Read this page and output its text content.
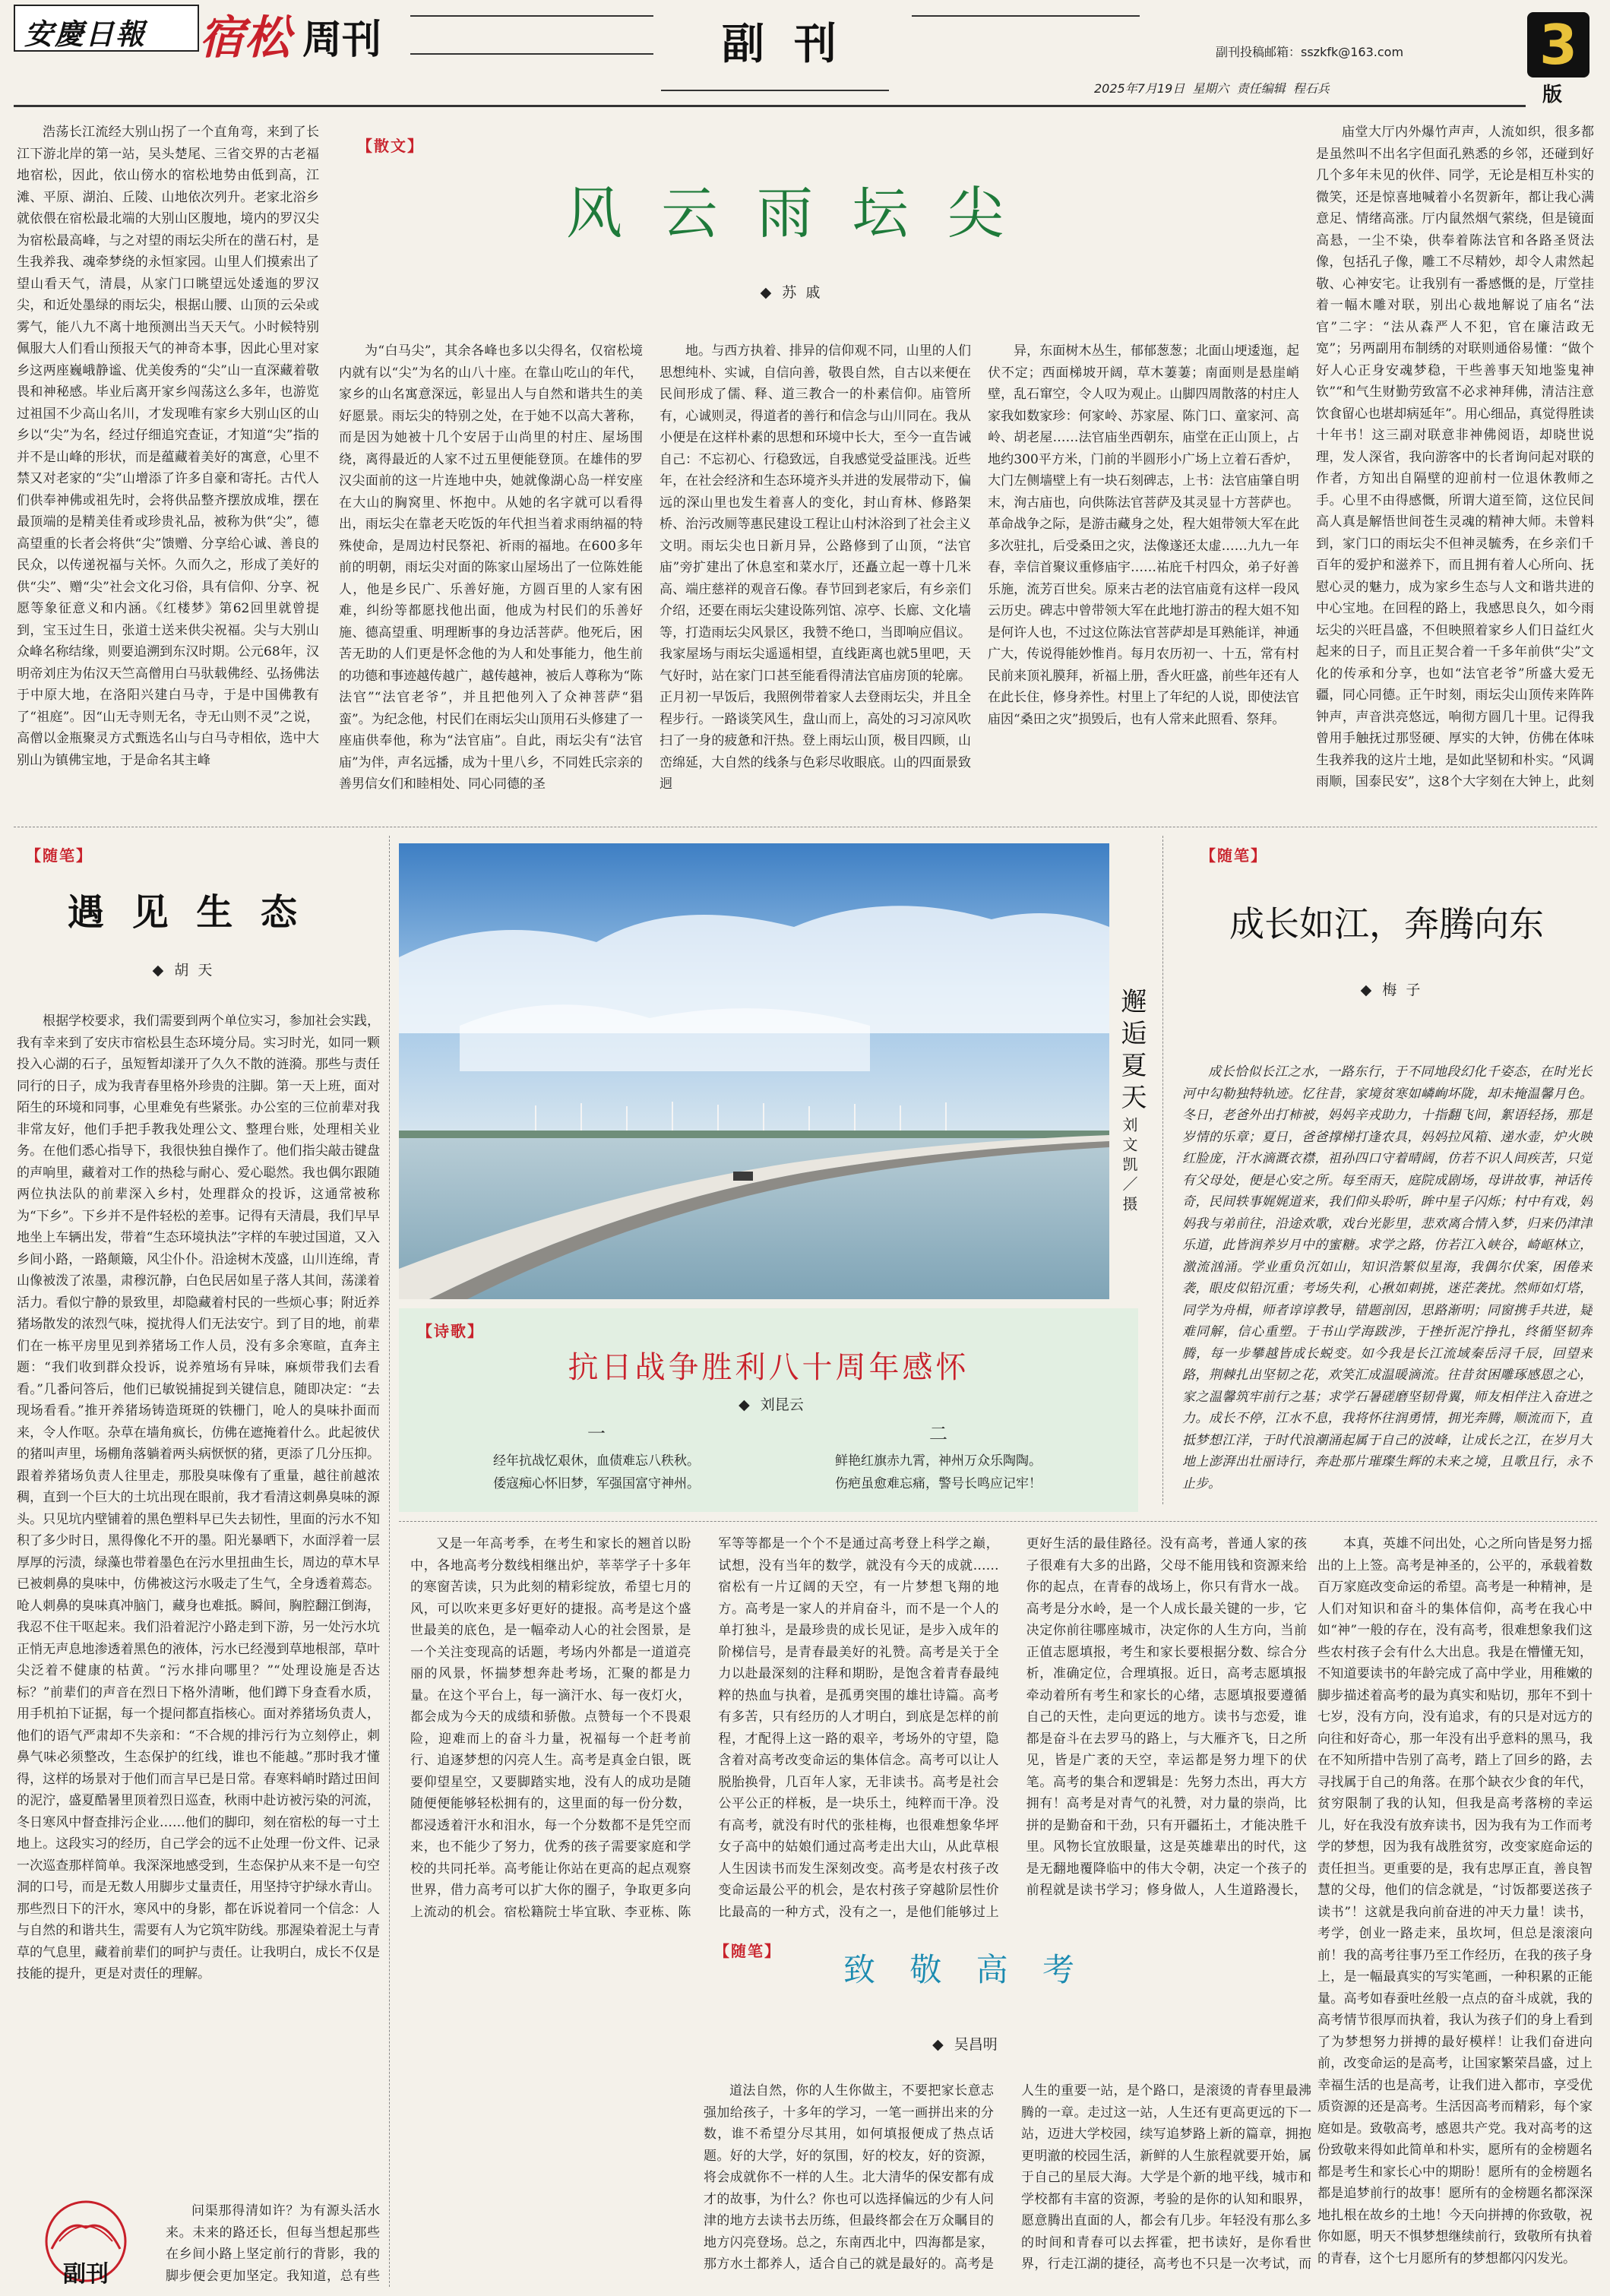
安慶日報 宿松 周刊	副  刊	副刊投稿邮箱：sszkfk@163.com
2025年7月19日  星期六  责任编辑  程石兵
3
版

浩荡长江流经大别山拐了一个直角弯，来到了长江下游北岸的第一站，吴头楚尾、三省交界的古老福地宿松，因此，依山傍水的宿松地势由低到高，江滩、平原、湖泊、丘陵、山地依次列升。老家北浴乡就依偎在宿松最北端的大别山区腹地，境内的罗汉尖为宿松最高峰，与之对望的雨坛尖所在的凿石村，是生我养我、魂牵梦绕的永恒家园。山里人们摸索出了望山看天气，清晨，从家门口眺望远处逶迤的罗汉尖，和近处墨绿的雨坛尖，根据山腰、山顶的云朵或雾气，能八九不离十地预测出当天天气。小时候特别佩服大人们看山预报天气的神奇本事，因此心里对家乡这两座巍峨静谧、优美俊秀的“尖”山一直深藏着敬畏和神秘感。毕业后离开家乡闯荡这么多年，也游览过祖国不少高山名川，才发现唯有家乡大别山区的山乡以“尖”为名，经过仔细追究查证，才知道“尖”指的并不是山峰的形状，而是蕴藏着美好的寓意，心里不禁又对老家的“尖”山增添了许多自豪和寄托。古代人们供奉神佛或祖先时，会将供品整齐摆放成堆，摆在最顶端的是精美佳肴或珍贵礼品，被称为供“尖”，德高望重的长者会将供“尖”馈赠、分享给心诚、善良的民众，以传递祝福与关怀。久而久之，形成了美好的供“尖”、赠“尖”社会文化习俗，具有信仰、分享、祝愿等象征意义和内涵。《红楼梦》第62回里就曾提到，宝玉过生日，张道士送来供尖祝福。尖与大别山众峰名称结缘，则要追溯到东汉时期。公元68年，汉明帝刘庄为佑汉天竺高僧用白马驮载佛经、弘扬佛法于中原大地，在洛阳兴建白马寺，于是中国佛教有了“祖庭”。因“山无寺则无名，寺无山则不灵”之说，高僧以金瓶聚灵方式甄选名山与白马寺相依，选中大别山为镇佛宝地，于是命名其主峰

【散文】
风 云 雨 坛 尖
◆ 苏  戚

为“白马尖”，其余各峰也多以尖得名，仅宿松境内就有以“尖”为名的山八十座。在靠山吃山的年代，家乡的山名寓意深远，彰显出人与自然和谐共生的美好愿景。雨坛尖的特别之处，在于她不以高大著称，而是因为她被十几个安居于山尚里的村庄、屋场围绕，离得最近的人家不过五里便能登顶。在雄伟的罗汉尖面前的这一片连地中央，她就像湖心岛一样安座在大山的胸窝里、怀抱中。从她的名字就可以看得出，雨坛尖在靠老天吃饭的年代担当着求雨纳福的特殊使命，是周边村民祭祀、祈雨的福地。在600多年前的明朝，雨坛尖对面的陈家山屋场出了一位陈姓能人，他是乡民广、乐善好施，方圆百里的人家有困难，纠纷等都愿找他出面，他成为村民们的乐善好施、德高望重、明理断事的身边活菩萨。他死后，困苦无助的人们更是怀念他的为人和处事能力，他生前的功德和事迹越传越广，越传越神，被后人尊称为“陈法官”“法官老爷”，并且把他列入了众神菩萨“猖蛮”。为纪念他，村民们在雨坛尖山顶用石头修建了一座庙供奉他，称为“法官庙”。自此，雨坛尖有“法官庙”为伴，声名远播，成为十里八乡，不同姓氏宗亲的善男信女们和睦相处、同心同德的圣

地。与西方执着、排异的信仰观不同，山里的人们思想纯朴、实诚，自信向善，敬畏自然，自古以来便在民间形成了儒、释、道三教合一的朴素信仰。庙管所有，心诚则灵，得道者的善行和信念与山川同在。我从小便是在这样朴素的思想和环境中长大，至今一直告诫自己：不忘初心、行稳致远，自我感觉受益匪浅。近些年，在社会经济和生态环境齐头并进的发展带动下，偏远的深山里也发生着喜人的变化，封山育林、修路架桥、治污改厕等惠民建设工程让山村沐浴到了社会主义文明。雨坛尖也日新月异，公路修到了山顶，“法官庙”旁扩建出了休息室和菜水厅，还矗立起一尊十几米高、端庄慈祥的观音石像。春节回到老家后，有乡亲们介绍，还要在雨坛尖建设陈列馆、凉亭、长廊、文化墙等，打造雨坛尖风景区，我赞不绝口，当即响应倡议。我家屋场与雨坛尖遥遥相望，直线距离也就5里吧，天气好时，站在家门口甚至能看得清法官庙房顶的轮廓。正月初一早饭后，我照例带着家人去登雨坛尖，并且全程步行。一路谈笑风生，盘山而上，高处的习习凉风吹扫了一身的疲惫和汗热。登上雨坛山顶，极目四顾，山峦绵延，大自然的线条与色彩尽收眼底。山的四面景致迥

异，东面树木丛生，郁郁葱葱；北面山埂逶迤，起伏不定；西面梯坡开阔，草木萋萋；南面则是悬崖峭壁，乱石窜空，令人叹为观止。山脚四周散落的村庄人家我如数家珍：何家岭、苏家屋、陈门口、童家河、高岭、胡老屋……法官庙坐西朝东，庙堂在正山顶上，占地约300平方米，门前的半圆形小广场上立着石香炉，大门左侧墙壁上有一块石刻碑志，上书：法官庙肇自明末，洵古庙也，向供陈法官菩萨及其灵显十方菩萨也。革命战争之际，是游击藏身之处，程大姐带领大军在此多次驻扎，后受桑田之灾，法像遂还太虚……九九一年春，幸信首聚议重修庙宇……祐庇千村四众，弟子好善乐施，流芳百世矣。原来古老的法官庙竟有这样一段风云历史。碑志中曾带领大军在此地打游击的程大姐不知是何许人也，不过这位陈法官菩萨却是耳熟能详，神通广大，传说得能妙惟肖。每月农历初一、十五，常有村民前来顶礼膜拜，祈福上册，香火旺盛，前些年还有人在此长住，修身养性。村里上了年纪的人说，即使法官庙因“桑田之灾”损毁后，也有人常来此照看、祭拜。

庙堂大厅内外爆竹声声，人流如织，很多都是虽然叫不出名字但面孔熟悉的乡邻，还碰到好几个多年未见的伙伴、同学，无论是相互朴实的微笑，还是惊喜地喊着小名贺新年，都让我心满意足、情绪高涨。厅内鼠然烟气萦绕，但是镜面高悬，一尘不染，供奉着陈法官和各路圣贤法像，包括孔子像，雕工不尽精妙，却令人肃然起敬、心神安宅。让我别有一番感慨的是，厅堂挂着一幅木雕对联，别出心裁地解说了庙名“法官”二字：“法从森严人不犯，官在廉洁政无宽”；另两副用布制绣的对联则通俗易懂：“做个好人心正身安魂梦稳，干些善事天知地鉴鬼神钦”“和气生财勤劳致富不必求神拜佛，清洁注意饮食留心也堪却病延年”。用心细品，真觉得胜读十年书！这三副对联意非神佛阅语，却晓世说理，发人深省，我向游客中的长者询问起对联的作者，方知出自隔壁的迎前村一位退休教师之手。心里不由得感慨，所谓大道至简，这位民间高人真是解悟世间苍生灵魂的精神大师。未曾料到，家门口的雨坛尖不但神灵毓秀，在乡亲们千百年的爱护和滋养下，而且拥有着人心所向、抚慰心灵的魅力，成为家乡生态与人文和谐共进的中心宝地。在回程的路上，我感思良久，如今雨坛尖的兴旺昌盛，不但映照着家乡人们日益红火起来的日子，而且正契合着一千多年前供“尖”文化的传承和分享，也如“法官老爷”所盛大爱无疆，同心同德。正午时刻，雨坛尖山顶传来阵阵钟声，声音洪亮悠远，响彻方圆几十里。记得我曾用手触抚过那竖硬、厚实的大钟，仿佛在体味生我养我的这片土地，是如此坚韧和朴实。“风调雨顺，国泰民安”，这8个大字刻在大钟上，此刻

【随笔】
遇 见 生 态
◆ 胡  天

根据学校要求，我们需要到两个单位实习，参加社会实践，我有幸来到了安庆市宿松县生态环境分局。实习时光，如同一颗投入心湖的石子，虽短暂却漾开了久久不散的涟漪。那些与责任同行的日子，成为我青春里格外珍贵的注脚。第一天上班，面对陌生的环境和同事，心里难免有些紧张。办公室的三位前辈对我非常友好，他们手把手教我处理公文、整理台账，处理相关业务。在他们悉心指导下，我很快独自操作了。他们指尖敲击键盘的声响里，藏着对工作的热稔与耐心、爱心聪然。我也偶尔跟随两位执法队的前辈深入乡村，处理群众的投诉，这通常被称为“下乡”。下乡并不是件轻松的差事。记得有天清晨，我们早早地坐上车辆出发，带着“生态环境执法”字样的车驶过国道，又入乡间小路，一路颠簸，风尘仆仆。沿途树木茂盛，山川连绵，青山像被泼了浓墨，肃穆沉静，白色民居如星子落人其间，荡漾着活力。看似宁静的景致里，却隐藏着村民的一些烦心事；附近养猪场散发的浓烈气味，搅扰得人们无法安宁。到了目的地，前辈们在一栋平房里见到养猪场工作人员，没有多余寒暄，直奔主题：“我们收到群众投诉，说养殖场有异味，麻烦带我们去看看。”几番问答后，他们已敏锐捕捉到关键信息，随即决定：“去现场看看。”推开养猪场铸造斑斑的铁栅门，呛人的臭味扑面而来，令人作呕。杂草在墙角疯长，仿佛在遮掩着什么。此起彼伏的猪叫声里，场棚角落躺着两头病恹恹的猪，更添了几分压抑。跟着养猪场负责人往里走，那股臭味像有了重量，越往前越浓稠，直到一个巨大的土坑出现在眼前，我才看清这刺鼻臭味的源头。只见坑内壁铺着的黑色塑料早已失去韧性，里面的污水不知积了多少时日，黑得像化不开的墨。阳光暴晒下，水面浮着一层厚厚的污渍，绿藻也带着墨色在污水里扭曲生长，周边的草木早已被刺鼻的臭味中，仿佛被这污水吸走了生气，全身透着蔫态。呛人刺鼻的臭味真冲脑门，藏身也难抵。瞬间，胸腔翻江倒海，我忍不住干呕起来。我们沿着泥泞小路走到下游，另一处污水坑正悄无声息地渗透着黑色的液体，污水已经漫到草地根部，草叶尖泛着不健康的枯黄。“污水排向哪里？”“处理设施是否达标？”前辈们的声音在烈日下格外清晰，他们蹲下身查看水质，用手机拍下证据，每一个提问都直指核心。面对养猪场负责人，他们的语气严肃却不失亲和：“不合规的排污行为立刻停止，刺鼻气味必须整改，生态保护的红线，谁也不能越。”那时我才懂得，这样的场景对于他们而言早已是日常。春寒料峭时踏过田间的泥泞，盛夏酷暑里顶着烈日巡查，秋雨中赴访被污染的河流，冬日寒风中督查排污企业……他们的脚印，刻在宿松的每一寸土地上。这段实习的经历，自己学会的远不止处理一份文件、记录一次巡查那样简单。我深深地感受到，生态保护从来不是一句空洞的口号，而是无数人用脚步丈量责任，用坚持守护绿水青山。那些烈日下的汗水，寒风中的身影，都在诉说着同一个信念：人与自然的和谐共生，需要有人为它筑牢防线。那渥染着泥土与青草的气息里，藏着前辈们的呵护与责任。让我明白，成长不仅是技能的提升，更是对责任的理解。

问渠那得清如许？为有源头活水来。未来的路还长，但每当想起那些在乡间小路上坚定前行的背影，我的脚步便会更加坚定。我知道，总有些

副刊
邂逅夏天
刘文凯／摄
【诗歌】
抗日战争胜利八十周年感怀
◆ 刘昆云
一
经年抗战忆艰休，血债难忘八秩秋。
倭寇痴心怀旧梦，军强国富守神州。
二
鲜艳红旗赤九霄，神州万众乐陶陶。
伤疤虽愈难忘痛，警号长鸣应记牢！
【随笔】
成长如江，奔腾向东
◆ 梅  子

成长恰似长江之水，一路东行，于不同地段幻化千姿态，在时光长河中勾勒独特轨迹。忆往昔，家境贫寒如嶙峋坏陇，却未掩温馨月色。冬日，老爸外出打柿被，妈妈辛戎助力，十指翻飞间，絮语轻扬，那是岁情的乐章；夏日，爸爸撑梯打逢农具，妈妈拉风箱、递水壶，炉火映红脸庞，汗水滴溉衣襟，祖孙四口守着晴阔，仿若不识人间疾苦，只觉有父母处，便是心安之所。每至雨天，庭院成剧场，母讲故事，神话传奇，民间轶事娓娓道来，我们仰头聆听，眸中星子闪烁；村中有戏，妈妈我与弟前往，沿途欢歌，戏台光影里，悲欢离合情入梦，归来仍津津乐道，此皆润养岁月中的蜜糖。求学之路，仿若江入峡谷，崎岖林立，激流汹涌。学业重负沉如山，知识浩繁似星海，我偶尔伏案，困倦来袭，眼皮似铅沉重；考场失利，心揪如刺挑，迷茫袭扰。然师如灯塔，同学为舟楫，师者谆谆教导，错题剖因，思路渐明；同窗携手共进，疑难同解，信心重塑。于书山学海跋涉，于挫折泥泞挣扎，终循坚韧奔腾，每一步攀越皆成长蜕变。如今我是长江流域秦岳浔千辰，回望来路，荆棘扎出坚韧之花，欢笑汇成温暖滴流。往昔贫困雕琢感恩之心，家之温馨筑牢前行之基；求学石暑磋磨坚韧骨翼，师友相伴注入奋进之力。成长不停，江水不息，我将怀往润勇情，拥光奔腾，顺流而下，直抵梦想江洋，于时代浪潮涌起属于自己的波峰，让成长之江，在岁月大地上澎湃出壮丽诗行，奔赴那片璀璨生辉的未来之境，且歌且行，永不止步。

又是一年高考季，在考生和家长的翘首以盼中，各地高考分数线相继出炉，莘莘学子十多年的寒窗苦读，只为此刻的精彩绽放，希望七月的风，可以吹来更多好更好的捷报。高考是这个盛世最美的底色，是一幅牵动人心的社会图景，是一个关注变现高的话题，考场内外都是一道道亮丽的风景，怀揣梦想奔赴考场，汇聚的都是力量。在这个平台上，每一滴汗水、每一夜灯火，都会成为今天的成绩和骄傲。点赞每一个不畏艰险，迎难而上的奋斗力量，祝福每一个赶考前行、追逐梦想的闪亮人生。高考是真金白银，既要仰望星空，又要脚踏实地，没有人的成功是随随便便能够轻松拥有的，这里面的每一份分数，都浸透着汗水和泪水，每一个分数都不是凭空而来，也不能少了努力，优秀的孩子需要家庭和学校的共同托举。高考能让你站在更高的起点观察世界，借力高考可以扩大你的圈子，争取更多向上流动的机会。宿松籍院士毕宜耿、李亚栋、陈军等等都是一个个不是通过高考登上科学之巅，试想，没有当年的数学，就没有今天的成就……宿松有一片辽阔的天空，有一片梦想飞翔的地方。高考是一家人的并肩奋斗，而不是一个人的单打独斗，是最珍贵的成长见证，是步入成年的阶梯信号，是青春最美好的礼赞。高考是关于全力以赴最深刻的注释和期盼，是饱含着青春最纯粹的热血与执着，是孤勇突围的雄壮诗篇。高考有多苦，只有经历的人才明白，到底是怎样的前程，才配得上这一路的艰辛，考场外的守望，隐含着对高考改变命运的集体信念。高考可以让人脱胎换骨，几百年人家，无非读书。高考是社会公平公正的样板，是一块乐土，纯粹而干净。没有高考，就没有时代的张桂梅，也很难想象华坪女子高中的姑娘们通过高考走出大山，从此草根人生因读书而发生深刻改变。高考是农村孩子改变命运最公平的机会，是农村孩子穿越阶层性价比最高的一种方式，没有之一，是他们能够过上更好生活的最佳路径。没有高考，普通人家的孩子很难有大多的出路，父母不能用钱和资源来给你的起点，在青春的战场上，你只有背水一战。高考是分水岭，是一个人成长最关键的一步，它决定你前往哪座城市，决定你的人生方向，当前正值志愿填报，考生和家长要根据分数、综合分析，准确定位，合理填报。近日，高考志愿填报牵动着所有考生和家长的心绪，志愿填报要遵循自己的天性，走向更远的地方。读书与恋爱，谁都是奋斗在去罗马的路上，与大雁齐飞，日之所见，皆是广袤的天空，幸运都是努力埋下的伏笔。高考的集合和逻辑是：先努力杰出，再大方拥有！高考是对青气的礼赞，对力量的崇尚，比拼的是勤奋和干劲，只有开疆拓土，才能决胜千里。风物长宜放眼量，这是英雄辈出的时代，这是无翻地覆降临中的伟大令朝，决定一个孩子的前程就是读书学习；修身做人，人生道路漫长，

【随笔】	致 敬 高 考
◆ 吴昌明

道法自然，你的人生你做主，不要把家长意志强加给孩子，十多年的学习，一笔一画拼出来的分数，谁不希望分尽其用，如何填报便成了热点话题。好的大学，好的氛围，好的校友，好的资源，将会成就你不一样的人生。北大清华的保安都有成才的故事，为什么？你也可以选择偏远的少有人问津的地方去读书去历练，但最终都会在万众瞩目的地方闪亮登场。总之，东南西北中，四海都是家，那方水土都养人，适合自己的就是最好的。高考是人生的重要一站，是个路口，是滚烫的青春里最沸腾的一章。走过这一站，人生还有更高更远的下一站，迈进大学校园，续写追梦路上新的篇章，拥抱更明澈的校园生活，新鲜的人生旅程就要开始，属于自己的星辰大海。大学是个新的地平线，城市和学校都有丰富的资源，考验的是你的认知和眼界，愿意腾出直面的人，都会有几步。年轻没有那么多的时间和青春可以去挥霍，把书读好，是你看世界，行走江湖的捷径，高考也不只是一次考试，而

本真，英雄不问出处，心之所向皆是努力摇出的上上签。高考是神圣的，公平的，承载着数百万家庭改变命运的希望。高考是一种精神，是人们对知识和奋斗的集体信仰，高考在我心中如“神”一般的存在，没有高考，很难想象我们这些农村孩子会有什么大出息。我是在懵懂无知，不知道要读书的年龄完成了高中学业，用稚嫩的脚步描述着高考的最为真实和贴切，那年不到十七岁，没有方向，没有追求，有的只是对远方的向往和好奇心，那一年没有出乎意料的黑马，我在不知所措中告别了高考，踏上了回乡的路，去寻找属于自己的角落。在那个缺衣少食的年代，贫穷限制了我的认知，但我是高考落榜的幸运儿，好在我没有放弃读书，因为我有为工作而考学的梦想，因为我有战胜贫穷，改变家庭命运的责任担当。更重要的是，我有忠厚正直，善良智慧的父母，他们的信念就是，“讨饭都要送孩子读书”！这就是我向前奋进的冲天力量！读书，考学，创业一路走来，虽坎坷，但总是滚滚向前！我的高考往事乃至工作经历，在我的孩子身上，是一幅最真实的写实笔画，一种积累的正能量。高考如春蚕吐丝般一点点的奋斗成就，我的高考情节很厚而执着，我认为孩子们的身上看到了为梦想努力拼搏的最好模样！让我们奋进向前，改变命运的是高考，让国家繁荣昌盛，过上幸福生活的也是高考，让我们进入都市，享受优质资源的还是高考。生活因高考而精彩，每个家庭如是。致敬高考，感恩共产党。我对高考的这份致敬来得如此简单和朴实，愿所有的金榜题名都是考生和家长心中的期盼！愿所有的金榜题名都是追梦前行的故事！愿所有的金榜题名都深深地扎根在故乡的土地！今天向拼搏的你致敬，祝你如愿，明天不惧梦想继续前行，致敬所有执着的青春，这个七月愿所有的梦想都闪闪发光。
